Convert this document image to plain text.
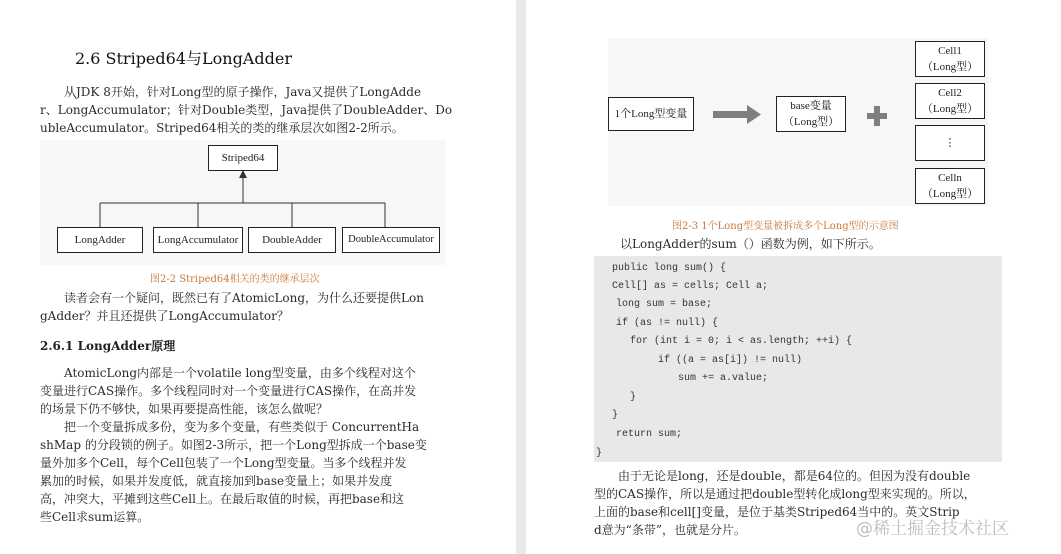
2.6 Striped64与LongAdder

从JDK 8开始，针对Long型的原子操作，Java又提供了LongAdde

r、LongAccumulator；针对Double类型，Java提供了DoubleAdder、Do

ubleAccumulator。Striped64相关的类的继承层次如图2-2所示。

Striped64
LongAdder	LongAccumulator	DoubleAdder	DoubleAccumulator
图2-2 Striped64相关的类的继承层次

读者会有一个疑问，既然已有了AtomicLong，为什么还要提供Lon

gAdder？并且还提供了LongAccumulator？

2.6.1 LongAdder原理

AtomicLong内部是一个volatile long型变量，由多个线程对这个

变量进行CAS操作。多个线程同时对一个变量进行CAS操作，在高并发

的场景下仍不够快，如果再要提高性能，该怎么做呢？

把一个变量拆成多份，变为多个变量，有些类似于 ConcurrentHa

shMap 的分段锁的例子。如图2-3所示，把一个Long型拆成一个base变

量外加多个Cell，每个Cell包装了一个Long型变量。当多个线程并发

累加的时候，如果并发度低，就直接加到base变量上；如果并发度

高，冲突大，平摊到这些Cell上。在最后取值的时候，再把base和这

些Cell求sum运算。

1个Long型变量
base变量
（Long型）
Cell1
（Long型）
Cell2
（Long型）
⋮
Celln
（Long型）
图2-3 1个Long型变量被拆成多个Long型的示意图
以LongAdder的sum（）函数为例，如下所示。
public long sum() {
Cell[] as = cells; Cell a;
long sum = base;
if (as != null) {
for (int i = 0; i < as.length; ++i) {
if ((a = as[i]) != null)
sum += a.value;
}
}
return sum;
}

由于无论是long，还是double，都是64位的。但因为没有double

型的CAS操作，所以是通过把double型转化成long型来实现的。所以，

上面的base和cell[]变量，是位于基类Striped64当中的。英文Strip

d意为“条带”，也就是分片。	@稀土掘金技术社区
